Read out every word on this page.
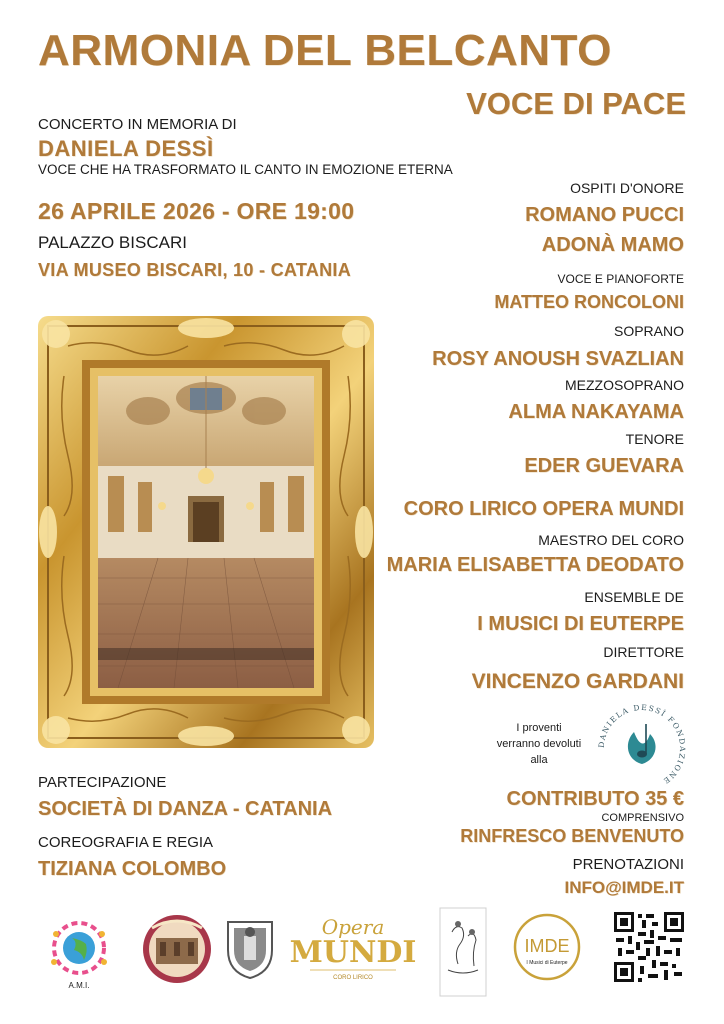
ARMONIA DEL BELCANTO
VOCE DI PACE
CONCERTO IN MEMORIA DI
DANIELA DESSÌ
VOCE CHE HA TRASFORMATO IL CANTO IN EMOZIONE ETERNA
26 APRILE 2026 - ORE 19:00
PALAZZO BISCARI
VIA MUSEO BISCARI, 10 - CATANIA
OSPITI D'ONORE
ROMANO PUCCI
ADONÀ MAMO
VOCE E PIANOFORTE
MATTEO RONCOLONI
SOPRANO
ROSY ANOUSH SVAZLIAN
MEZZOSOPRANO
ALMA NAKAYAMA
TENORE
EDER GUEVARA
CORO LIRICO OPERA MUNDI
MAESTRO DEL CORO
MARIA ELISABETTA DEODATO
ENSEMBLE DE
I MUSICI DI EUTERPE
DIRETTORE
VINCENZO GARDANI
PARTECIPAZIONE
SOCIETÀ DI DANZA - CATANIA
COREOGRAFIA E REGIA
TIZIANA COLOMBO
I proventi verranno devoluti alla
DANIELA DESSÌ FONDAZIONE
CONTRIBUTO 35 €
COMPRENSIVO
RINFRESCO BENVENUTO
PRENOTAZIONI
INFO@IMDE.IT
A.M.I.
Opera
MUNDI
CORO LIRICO
IMDE
I Musici di Euterpe
